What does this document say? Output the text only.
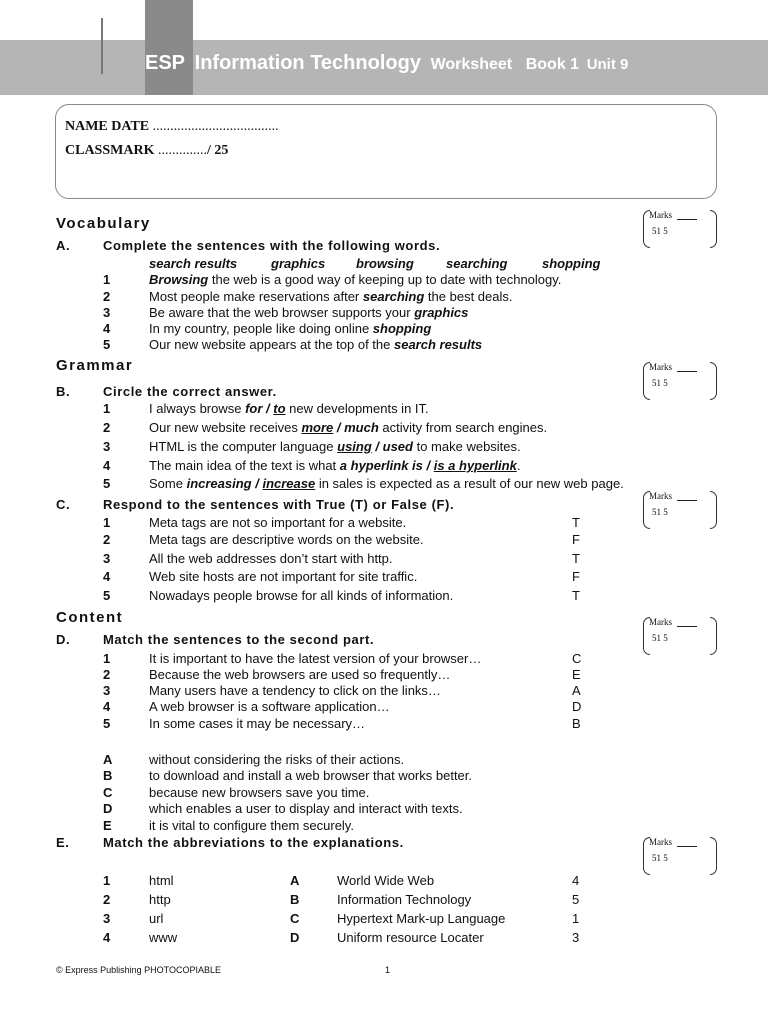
ESP Information Technology Worksheet Book 1 Unit 9
NAME DATE ....................................
CLASSMARK ............../ 25
Vocabulary
Grammar
Content
A.	Complete the sentences with the following words.
search results	graphics browsing searching	shopping
1	Browsing the web is a good way of keeping up to date with technology.
2	Most people make reservations after searching the best deals.
3	Be aware that the web browser supports your graphics
4	In my country, people like doing online shopping
5	Our new website appears at the top of the search results
B.	Circle the correct answer.
1	I always browse for / to new developments in IT.
2	Our new website receives more / much activity from search engines.
3	HTML is the computer language using / used to make websites.
4	The main idea of the text is what a hyperlink is / is a hyperlink.
5	Some increasing / increase in sales is expected as a result of our new web page.
C.	Respond to the sentences with True (T) or False (F).
1	Meta tags are not so important for a website.	T
2	Meta tags are descriptive words on the website.	F
3	All the web addresses don’t start with http.	T
4	Web site hosts are not important for site traffic.	F
5	Nowadays people browse for all kinds of information.	T
D.	Match the sentences to the second part.
1	It is important to have the latest version of your browser…	C
2	Because the web browsers are used so frequently…	E
3	Many users have a tendency to click on the links…	A
4	A web browser is a software application…	D
5	In some cases it may be necessary…	B
A	without considering the risks of their actions.
B	to download and install a web browser that works better.
C	because new browsers save you time.
D	which enables a user to display and interact with texts.
E	it is vital to configure them securely.
E.	Match the abbreviations to the explanations.
1	html	A	World Wide Web	4
2	http	B	Information Technology	5
3	url	C	Hypertext Mark-up Language	1
4	www	D	Uniform resource Locater	3
Marks
51 5
Marks
51 5
Marks
51 5
Marks
51 5
Marks
51 5
© Express Publishing PHOTOCOPIABLE	1
